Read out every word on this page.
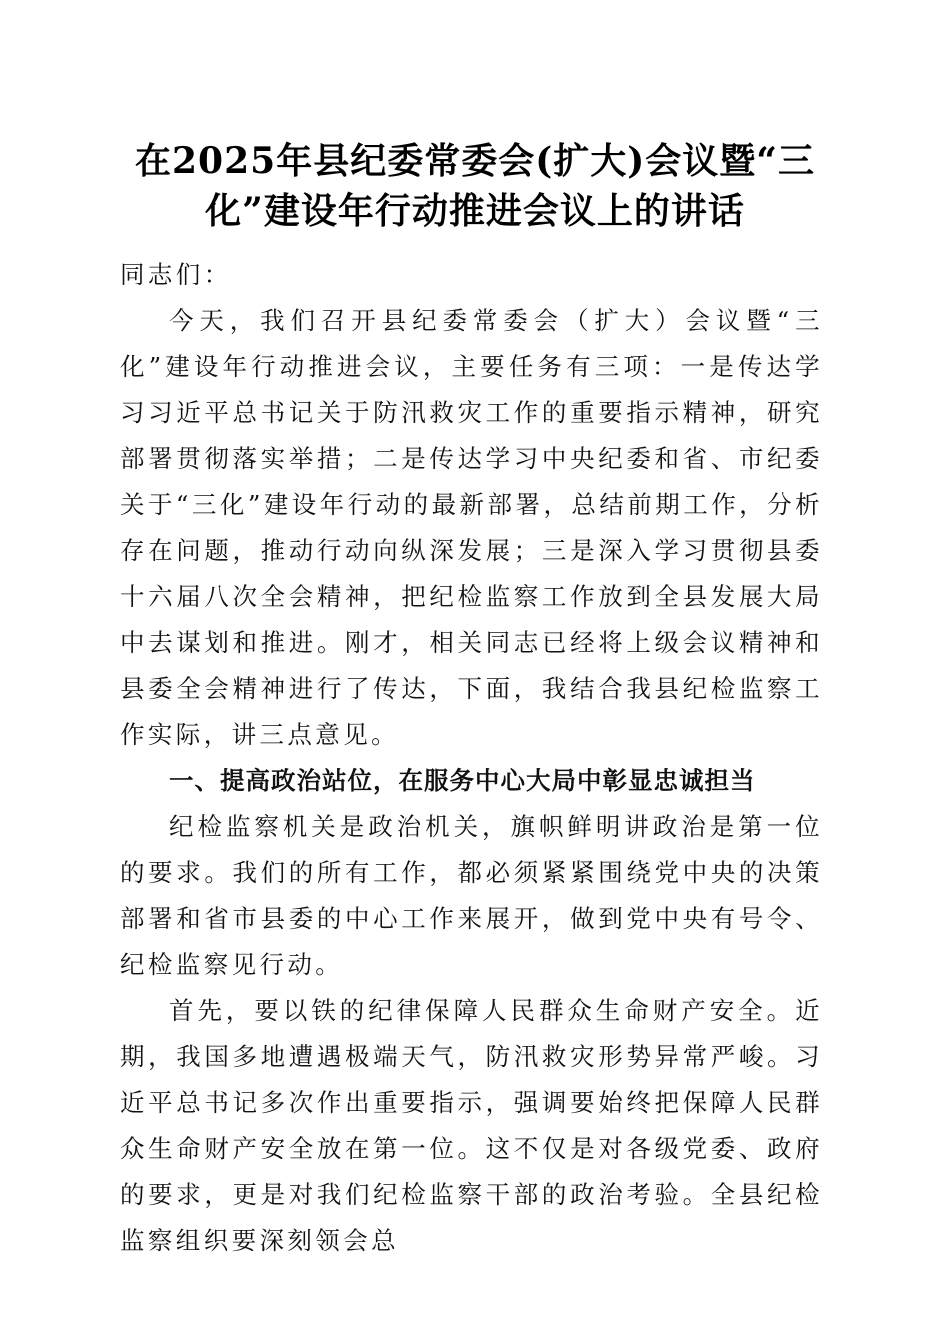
在2025年县纪委常委会(扩大)会议暨“三
化”建设年行动推进会议上的讲话

同志们：

今天，我们召开县纪委常委会（扩大）会议暨“三化”建设年行动推进会议，主要任务有三项：一是传达学习习近平总书记关于防汛救灾工作的重要指示精神，研究部署贯彻落实举措；二是传达学习中央纪委和省、市纪委关于“三化”建设年行动的最新部署，总结前期工作，分析存在问题，推动行动向纵深发展；三是深入学习贯彻县委十六届八次全会精神，把纪检监察工作放到全县发展大局中去谋划和推进。刚才，相关同志已经将上级会议精神和县委全会精神进行了传达，下面，我结合我县纪检监察工作实际，讲三点意见。

一、提高政治站位，在服务中心大局中彰显忠诚担当

纪检监察机关是政治机关，旗帜鲜明讲政治是第一位的要求。我们的所有工作，都必须紧紧围绕党中央的决策部署和省市县委的中心工作来展开，做到党中央有号令、纪检监察见行动。

首先，要以铁的纪律保障人民群众生命财产安全。近期，我国多地遭遇极端天气，防汛救灾形势异常严峻。习近平总书记多次作出重要指示，强调要始终把保障人民群众生命财产安全放在第一位。这不仅是对各级党委、政府的要求，更是对我们纪检监察干部的政治考验。全县纪检监察组织要深刻领会总
